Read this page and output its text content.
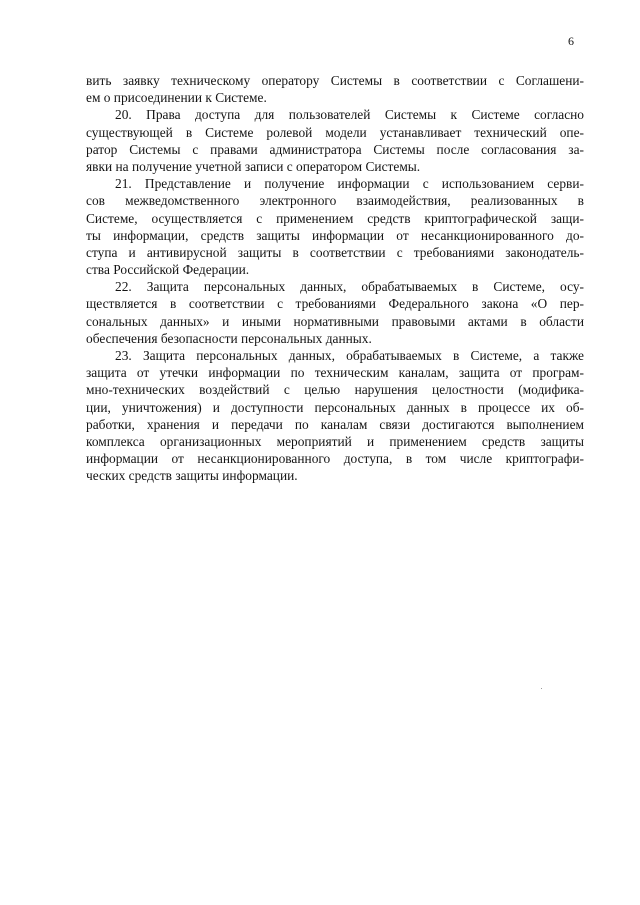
6
вить заявку техническому оператору Системы в соответствии с Соглашени-
ем о присоединении к Системе.
20. Права доступа для пользователей Системы к Системе согласно
существующей в Системе ролевой модели устанавливает технический опе-
ратор Системы с правами администратора Системы после согласования за-
явки на получение учетной записи с оператором Системы.
21. Представление и получение информации с использованием серви-
сов межведомственного электронного взаимодействия, реализованных в
Системе, осуществляется с применением средств криптографической защи-
ты информации, средств защиты информации от несанкционированного до-
ступа и антивирусной защиты в соответствии с требованиями законодатель-
ства Российской Федерации.
22. Защита персональных данных, обрабатываемых в Системе, осу-
ществляется в соответствии с требованиями Федерального закона «О пер-
сональных данных» и иными нормативными правовыми актами в области
обеспечения безопасности персональных данных.
23. Защита персональных данных, обрабатываемых в Системе, а также
защита от утечки информации по техническим каналам, защита от програм-
мно-технических воздействий с целью нарушения целостности (модифика-
ции, уничтожения) и доступности персональных данных в процессе их об-
работки, хранения и передачи по каналам связи достигаются выполнением
комплекса организационных мероприятий и применением средств защиты
информации от несанкционированного доступа, в том числе криптографи-
ческих средств защиты информации.
